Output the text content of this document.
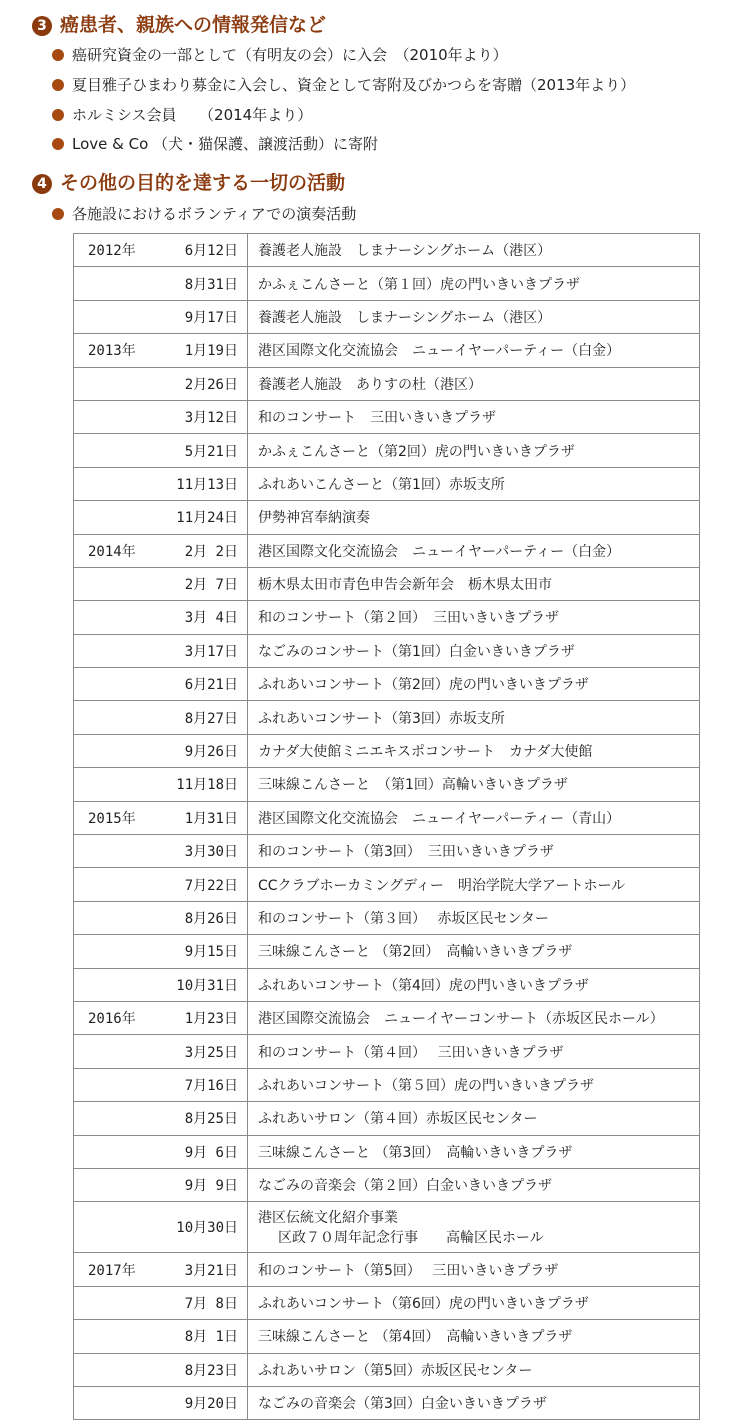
3 癌患者、親族への情報発信など
癌研究資金の一部として（有明友の会）に入会　（2010年より）
夏目雅子ひまわり募金に入会し、資金として寄附及びかつらを寄贈（2013年より）
ホルミシス会員　　（2014年より）
Love & Co （犬・猫保護、譲渡活動）に寄附
4 その他の目的を達する一切の活動
各施設におけるボランティアでの演奏活動
2012年 6月12日	養護老人施設　しまナーシングホーム（港区）
8月31日	かふぇこんさーと（第１回）虎の門いきいきプラザ
9月17日	養護老人施設　しまナーシングホーム（港区）
2013年 1月19日	港区国際文化交流協会　ニューイヤーパーティー（白金）
2月26日	養護老人施設　ありすの杜（港区）
3月12日	和のコンサート　三田いきいきプラザ
5月21日	かふぇこんさーと（第2回）虎の門いきいきプラザ
11月13日	ふれあいこんさーと（第1回）赤坂支所
11月24日	伊勢神宮奉納演奏
2014年 2月 2日	港区国際文化交流協会　ニューイヤーパーティー（白金）
2月 7日	栃木県太田市青色申告会新年会　栃木県太田市
3月 4日	和のコンサート（第２回）　三田いきいきプラザ
3月17日	なごみのコンサート（第1回）白金いきいきプラザ
6月21日	ふれあいコンサート（第2回）虎の門いきいきプラザ
8月27日	ふれあいコンサート（第3回）赤坂支所
9月26日	カナダ大使館ミニエキスポコンサート　カナダ大使館
11月18日	三味線こんさーと　（第1回）高輪いきいきプラザ
2015年 1月31日	港区国際文化交流協会　ニューイヤーパーティー（青山）
3月30日	和のコンサート（第3回）　三田いきいきプラザ
7月22日	CCクラブホーカミングディー　明治学院大学アートホール
8月26日	和のコンサート（第３回）　 赤坂区民センター
9月15日	三味線こんさーと （第2回）　高輪いきいきプラザ
10月31日	ふれあいコンサート（第4回）虎の門いきいきプラザ
2016年 1月23日	港区国際交流協会　ニューイヤーコンサート（赤坂区民ホール）
3月25日	和のコンサート（第４回）　 三田いきいきプラザ
7月16日	ふれあいコンサート（第５回）虎の門いきいきプラザ
8月25日	ふれあいサロン（第４回）赤坂区民センター
9月 6日	三味線こんさーと （第3回）　高輪いきいきプラザ
9月 9日	なごみの音楽会（第２回）白金いきいきプラザ
10月30日	港区伝統文化紹介事業
区政７０周年記念行事　　高輪区民ホール

2017年 3月21日	和のコンサート（第5回）　 三田いきいきプラザ
7月 8日	ふれあいコンサート（第6回）虎の門いきいきプラザ
8月 1日	三味線こんさーと （第4回）　高輪いきいきプラザ
8月23日	ふれあいサロン（第5回）赤坂区民センター
9月20日	なごみの音楽会（第3回）白金いきいきプラザ
